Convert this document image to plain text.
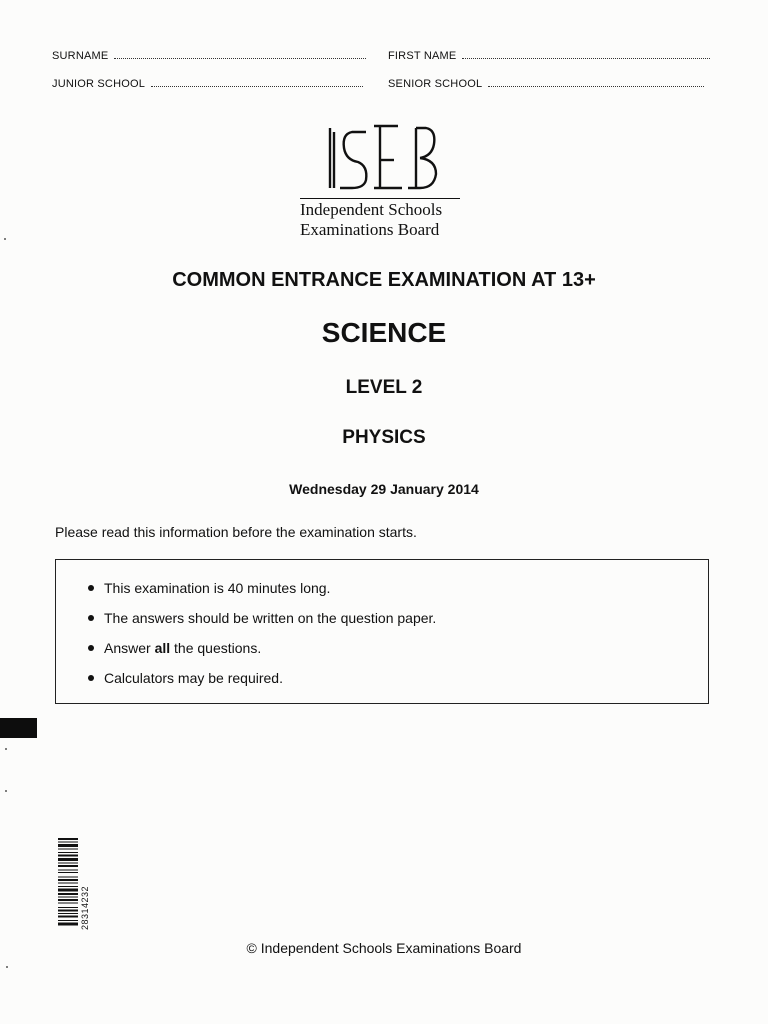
SURNAME	FIRST NAME
JUNIOR SCHOOL	SENIOR SCHOOL
Independent Schools
Examinations Board
COMMON ENTRANCE EXAMINATION AT 13+
SCIENCE
LEVEL 2
PHYSICS
Wednesday 29 January 2014
Please read this information before the examination starts.
This examination is 40 minutes long.
The answers should be written on the question paper.
Answer all the questions.
Calculators may be required.
28314232
© Independent Schools Examinations Board
